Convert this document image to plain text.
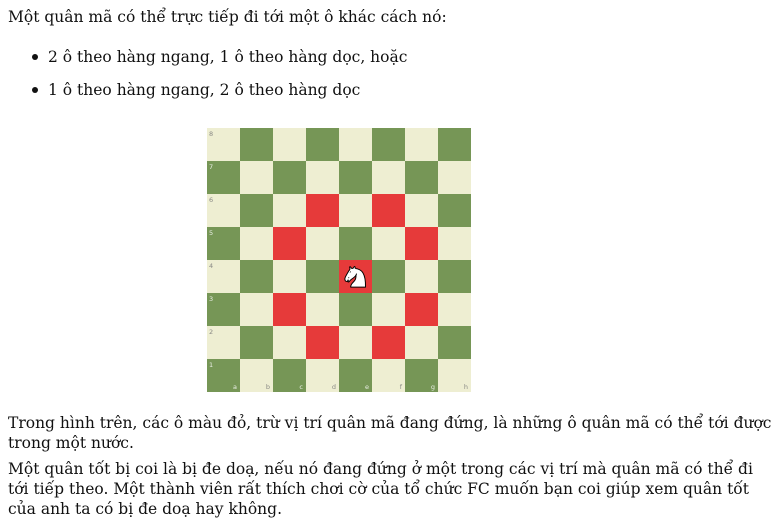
Một quân mã có thể trực tiếp đi tới một ô khác cách nó:
2 ô theo hàng ngang, 1 ô theo hàng dọc, hoặc
1 ô theo hàng ngang, 2 ô theo hàng dọc
8
7
6
5
4
3
2
1
a	b	c	d	e	f	g	h
Trong hình trên, các ô màu đỏ, trừ vị trí quân mã đang đứng, là những ô quân mã có thể tới được
trong một nước.
Một quân tốt bị coi là bị đe doạ, nếu nó đang đứng ở một trong các vị trí mà quân mã có thể đi
tới tiếp theo. Một thành viên rất thích chơi cờ của tổ chức FC muốn bạn coi giúp xem quân tốt
của anh ta có bị đe doạ hay không.
